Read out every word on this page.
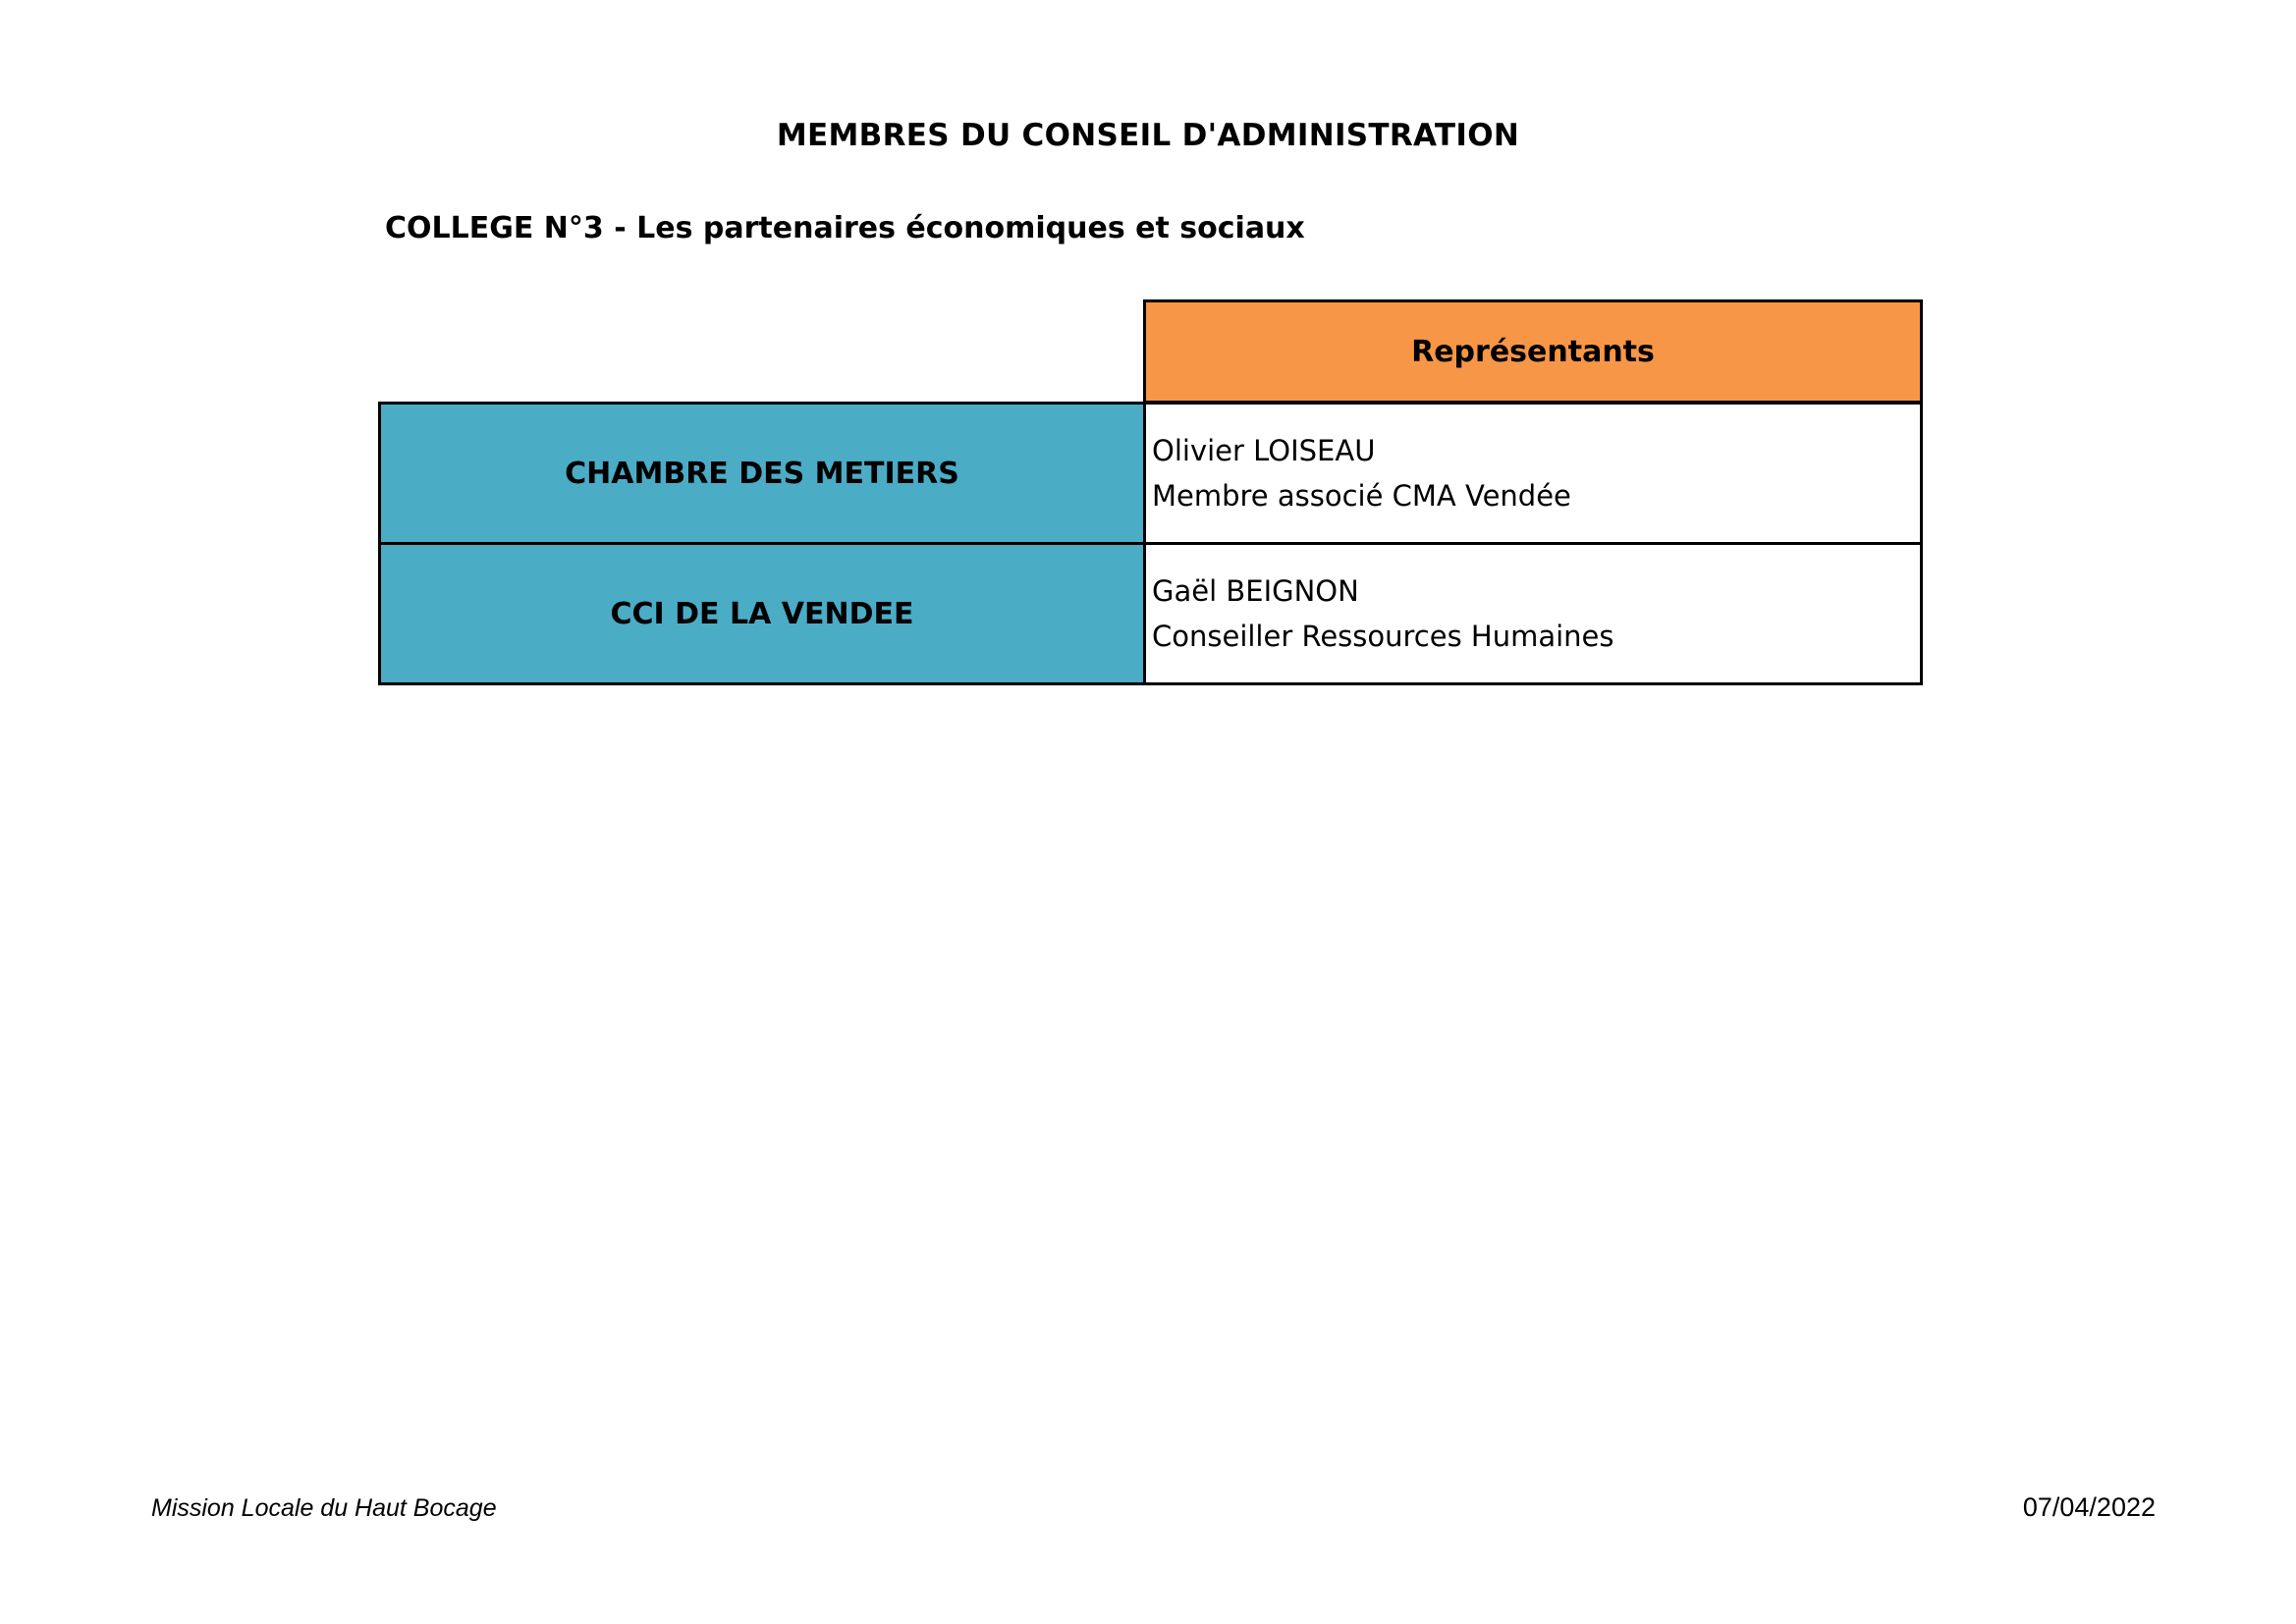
MEMBRES DU CONSEIL D'ADMINISTRATION
COLLEGE N°3 - Les partenaires économiques et sociaux
Représentants
CHAMBRE DES METIERS	Olivier LOISEAU
Membre associé CMA Vendée

CCI DE LA VENDEE	Gaël BEIGNON
Conseiller Ressources Humaines
Mission Locale du Haut Bocage	07/04/2022
